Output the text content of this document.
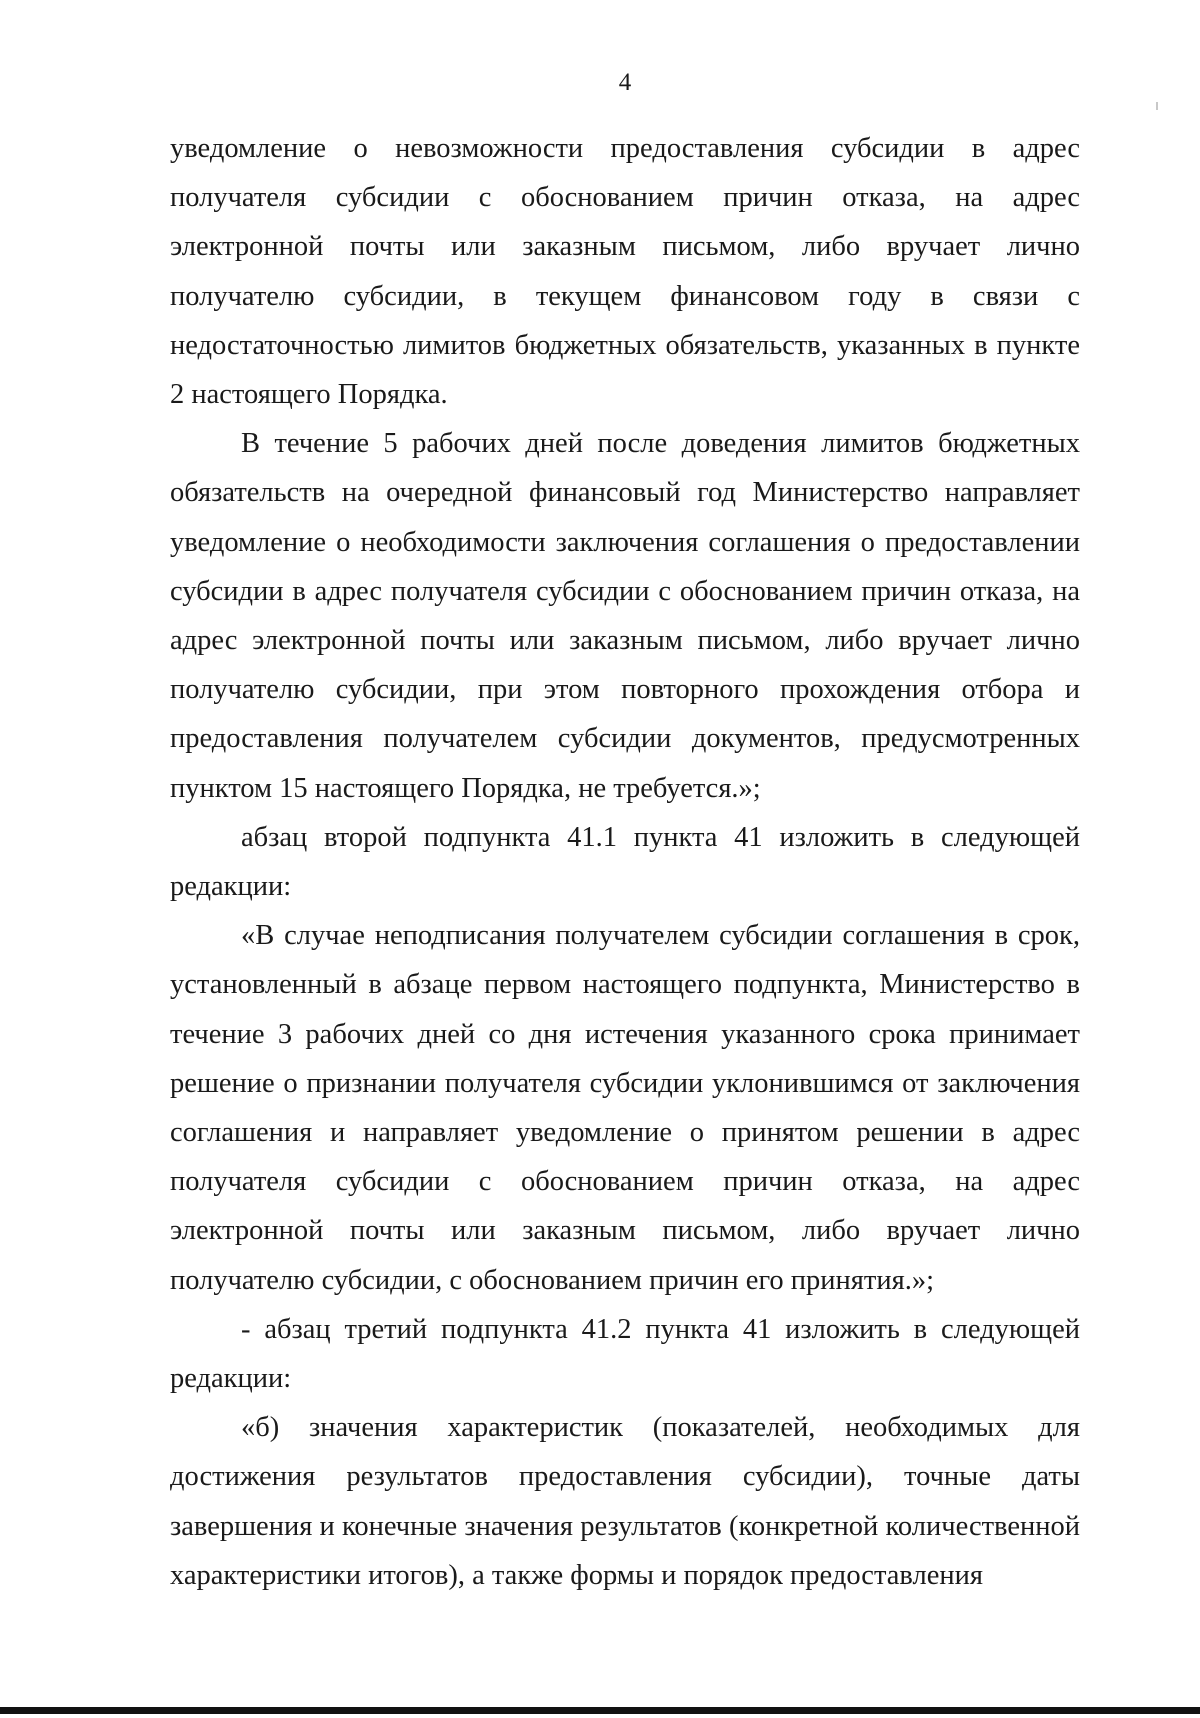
4

уведомление о невозможности предоставления субсидии в адрес получателя субсидии с обоснованием причин отказа, на адрес электронной почты или заказным письмом, либо вручает лично получателю субсидии, в текущем финансовом году в связи с недостаточностью лимитов бюджетных обязательств, указанных в пункте 2 настоящего Порядка.

В течение 5 рабочих дней после доведения лимитов бюджетных обязательств на очередной финансовый год Министерство направляет уведомление о необходимости заключения соглашения о предоставлении субсидии в адрес получателя субсидии с обоснованием причин отказа, на адрес электронной почты или заказным письмом, либо вручает лично получателю субсидии, при этом повторного прохождения отбора и предоставления получателем субсидии документов, предусмотренных пунктом 15 настоящего Порядка, не требуется.»;

абзац второй подпункта 41.1 пункта 41 изложить в следующей редакции:

«В случае неподписания получателем субсидии соглашения в срок, установленный в абзаце первом настоящего подпункта, Министерство в течение 3 рабочих дней со дня истечения указанного срока принимает решение о признании получателя субсидии уклонившимся от заключения соглашения и направляет уведомление о принятом решении в адрес получателя субсидии с обоснованием причин отказа, на адрес электронной почты или заказным письмом, либо вручает лично получателю субсидии, с обоснованием причин его принятия.»;

- абзац третий подпункта 41.2 пункта 41 изложить в следующей редакции:

«б) значения характеристик (показателей, необходимых для достижения результатов предоставления субсидии), точные даты завершения и конечные значения результатов (конкретной количественной характеристики итогов), а также формы и порядок предоставления
